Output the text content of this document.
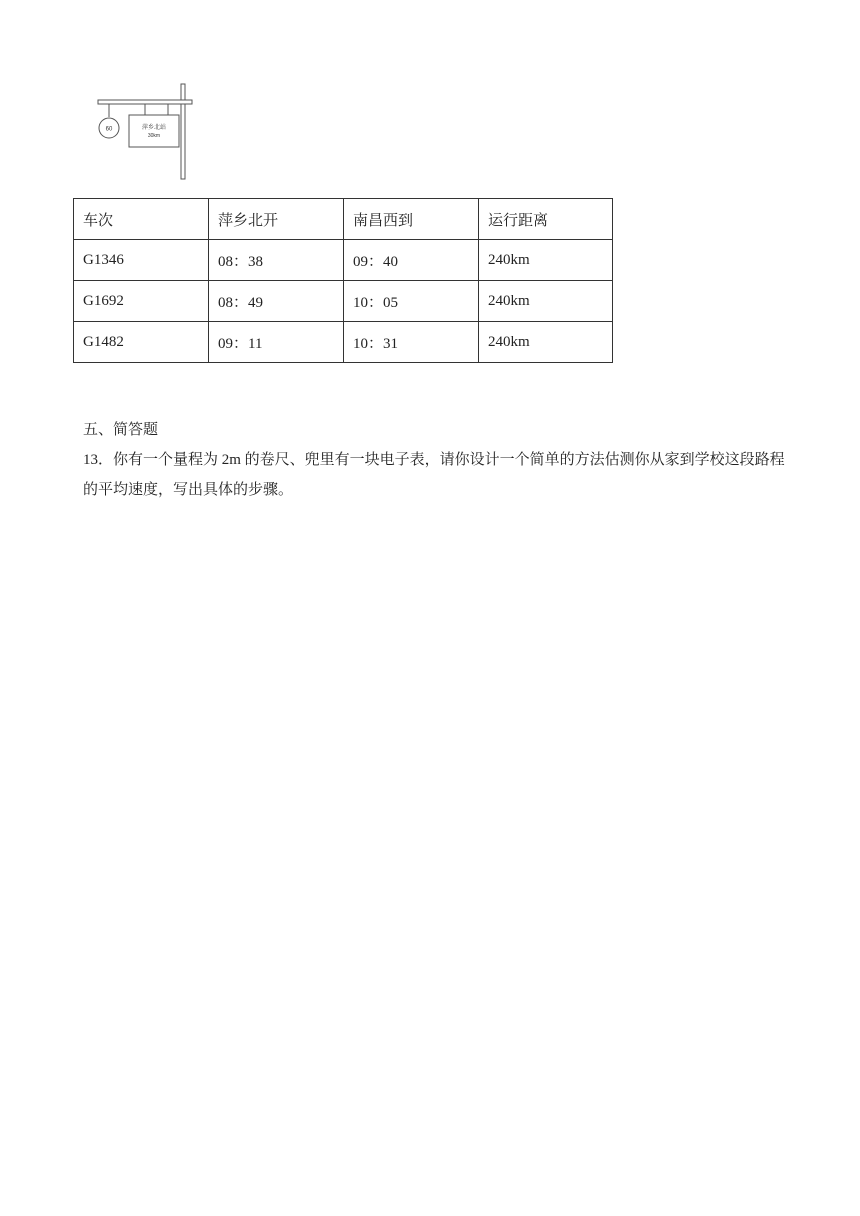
60	萍乡北站
30km
车次	萍乡北开	南昌西到	运行距离
G1346	08：38	09：40	240km
G1692	08：49	10：05	240km
G1482	09：11	10：31	240km
五、简答题
13．你有一个量程为 2m 的卷尺、兜里有一块电子表，请你设计一个简单的方法估测你从家到学校这段路程的平均速度，写出具体的步骤。
